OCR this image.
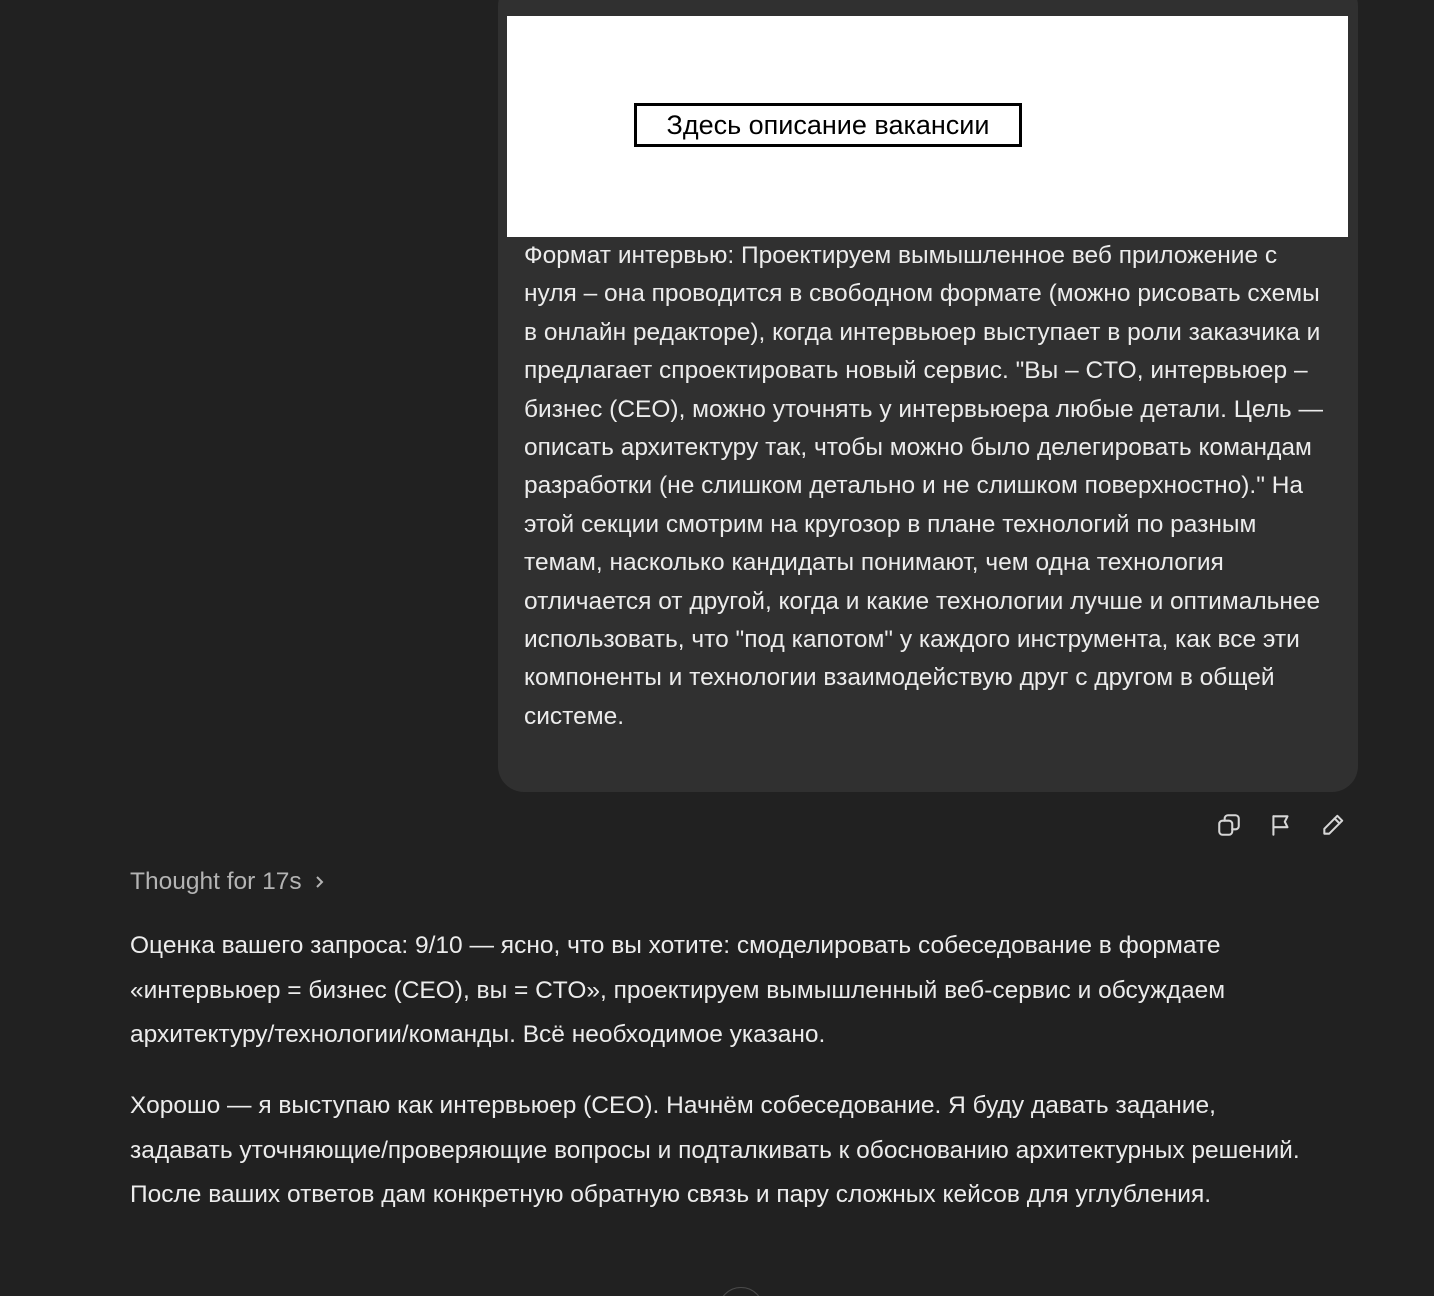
Здесь описание вакансии

Формат интервью: Проектируем вымышленное веб приложение с нуля – она проводится в свободном формате (можно рисовать схемы в онлайн редакторе), когда интервьюер выступает в роли заказчика и предлагает спроектировать новый сервис. "Вы – CTO, интервьюер – бизнес (CEO), можно уточнять у интервьюера любые детали. Цель — описать архитектуру так, чтобы можно было делегировать командам разработки (не слишком детально и не слишком поверхностно)." На этой секции смотрим на кругозор в плане технологий по разным темам, насколько кандидаты понимают, чем одна технология отличается от другой, когда и какие технологии лучше и оптимальнее использовать, что "под капотом" у каждого инструмента, как все эти компоненты и технологии взаимодействую друг с другом в общей системе.

Thought for 17s

Оценка вашего запроса: 9/10 — ясно, что вы хотите: смоделировать собеседование в формате «интервьюер = бизнес (CEO), вы = CTO», проектируем вымышленный веб-сервис и обсуждаем архитектуру/технологии/команды. Всё необходимое указано.

Хорошо — я выступаю как интервьюер (CEO). Начнём собеседование. Я буду давать задание, задавать уточняющие/проверяющие вопросы и подталкивать к обоснованию архитектурных решений. После ваших ответов дам конкретную обратную связь и пару сложных кейсов для углубления.
